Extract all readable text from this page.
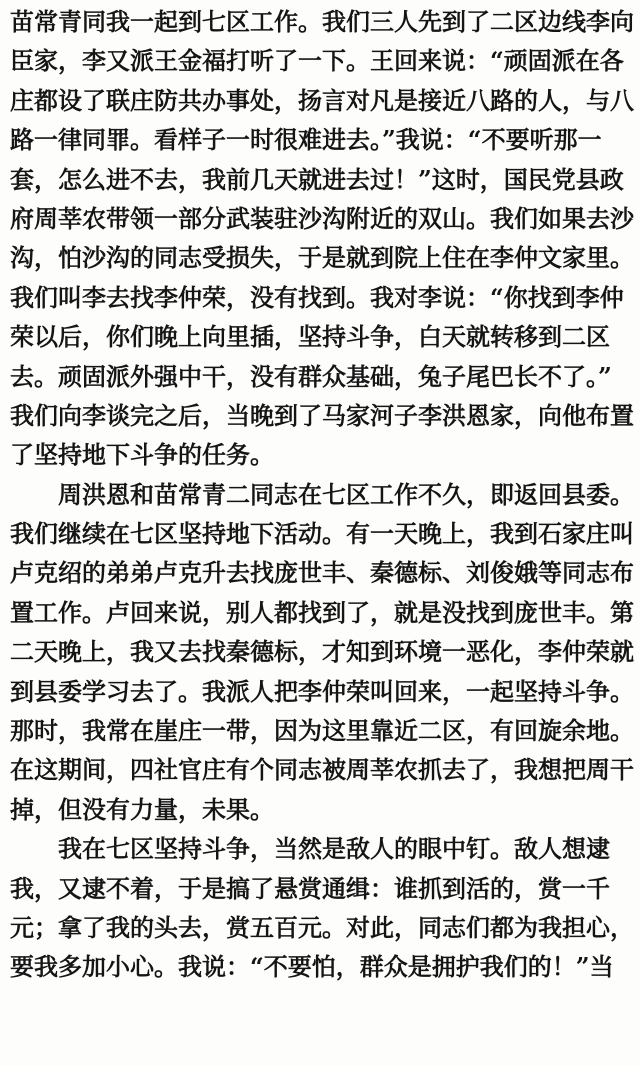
苗常青同我一起到七区工作。我们三人先到了二区边线李向
臣家，李又派王金福打听了一下。王回来说：“顽固派在各
庄都设了联庄防共办事处，扬言对凡是接近八路的人，与八
路一律同罪。看样子一时很难进去。”我说：“不要听那一
套，怎么进不去，我前几天就进去过！”这时，国民党县政
府周莘农带领一部分武装驻沙沟附近的双山。我们如果去沙
沟，怕沙沟的同志受损失，于是就到院上住在李仲文家里。
我们叫李去找李仲荣，没有找到。我对李说：“你找到李仲
荣以后，你们晚上向里插，坚持斗争，白天就转移到二区
去。顽固派外强中干，没有群众基础，兔子尾巴长不了。”
我们向李谈完之后，当晚到了马家河子李洪恩家，向他布置
了坚持地下斗争的任务。
周洪恩和苗常青二同志在七区工作不久，即返回县委。
我们继续在七区坚持地下活动。有一天晚上，我到石家庄叫
卢克绍的弟弟卢克升去找庞世丰、秦德标、刘俊娥等同志布
置工作。卢回来说，别人都找到了，就是没找到庞世丰。第
二天晚上，我又去找秦德标，才知到环境一恶化，李仲荣就
到县委学习去了。我派人把李仲荣叫回来，一起坚持斗争。
那时，我常在崖庄一带，因为这里靠近二区，有回旋余地。
在这期间，四社官庄有个同志被周莘农抓去了，我想把周干
掉，但没有力量，未果。
我在七区坚持斗争，当然是敌人的眼中钉。敌人想逮
我，又逮不着，于是搞了悬赏通缉：谁抓到活的，赏一千
元；拿了我的头去，赏五百元。对此，同志们都为我担心，
要我多加小心。我说：“不要怕，群众是拥护我们的！”当
